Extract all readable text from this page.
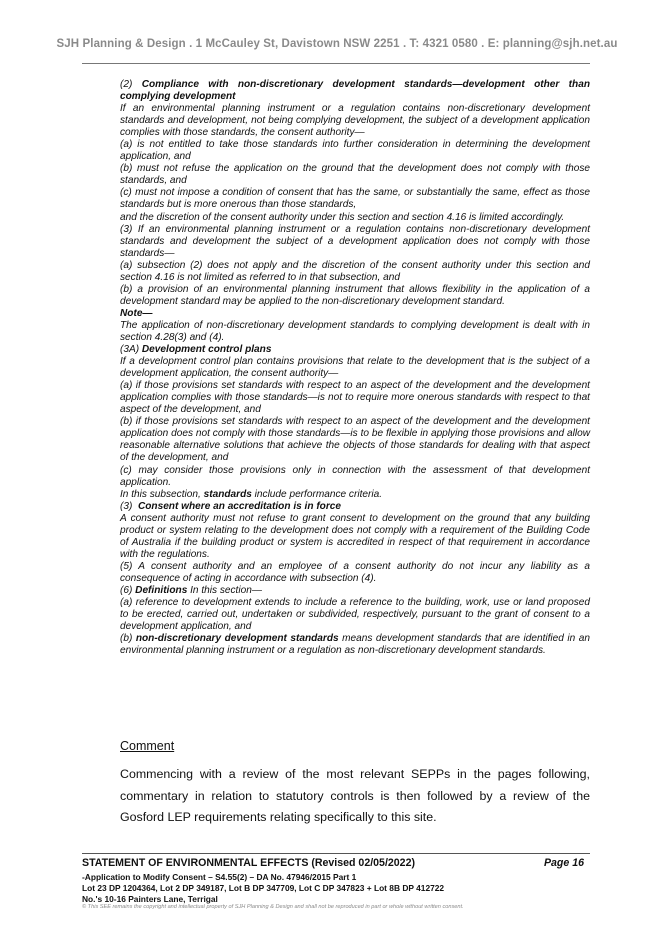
SJH Planning & Design . 1 McCauley St, Davistown NSW 2251 . T: 4321 0580 . E: planning@sjh.net.au

(2) Compliance with non-discretionary development standards—development other than complying development

If an environmental planning instrument or a regulation contains non-discretionary development standards and development, not being complying development, the subject of a development application complies with those standards, the consent authority—

(a) is not entitled to take those standards into further consideration in determining the development application, and

(b) must not refuse the application on the ground that the development does not comply with those standards, and

(c) must not impose a condition of consent that has the same, or substantially the same, effect as those standards but is more onerous than those standards,

and the discretion of the consent authority under this section and section 4.16 is limited accordingly.

(3) If an environmental planning instrument or a regulation contains non-discretionary development standards and development the subject of a development application does not comply with those standards—

(a) subsection (2) does not apply and the discretion of the consent authority under this section and section 4.16 is not limited as referred to in that subsection, and

(b) a provision of an environmental planning instrument that allows flexibility in the application of a development standard may be applied to the non-discretionary development standard.

Note—

The application of non-discretionary development standards to complying development is dealt with in section 4.28(3) and (4).

(3A) Development control plans

If a development control plan contains provisions that relate to the development that is the subject of a development application, the consent authority—

(a) if those provisions set standards with respect to an aspect of the development and the development application complies with those standards—is not to require more onerous standards with respect to that aspect of the development, and

(b) if those provisions set standards with respect to an aspect of the development and the development application does not comply with those standards—is to be flexible in applying those provisions and allow reasonable alternative solutions that achieve the objects of those standards for dealing with that aspect of the development, and

(c) may consider those provisions only in connection with the assessment of that development application.

In this subsection, standards include performance criteria.

(3) Consent where an accreditation is in force

A consent authority must not refuse to grant consent to development on the ground that any building product or system relating to the development does not comply with a requirement of the Building Code of Australia if the building product or system is accredited in respect of that requirement in accordance with the regulations.

(5) A consent authority and an employee of a consent authority do not incur any liability as a consequence of acting in accordance with subsection (4).

(6) Definitions In this section—

(a) reference to development extends to include a reference to the building, work, use or land proposed to be erected, carried out, undertaken or subdivided, respectively, pursuant to the grant of consent to a development application, and

(b) non-discretionary development standards means development standards that are identified in an environmental planning instrument or a regulation as non-discretionary development standards.

Comment
Commencing with a review of the most relevant SEPPs in the pages following, commentary in relation to statutory controls is then followed by a review of the Gosford LEP requirements relating specifically to this site.
STATEMENT OF ENVIRONMENTAL EFFECTS (Revised 02/05/2022)	Page 16
-Application to Modify Consent – S4.55(2) – DA No. 47946/2015 Part 1
Lot 23 DP 1204364, Lot 2 DP 349187, Lot B DP 347709, Lot C DP 347823 + Lot 8B DP 412722
No.'s 10-16 Painters Lane, Terrigal
© This SEE remains the copyright and intellectual property of SJH Planning & Design and shall not be reproduced in part or whole without written consent.
